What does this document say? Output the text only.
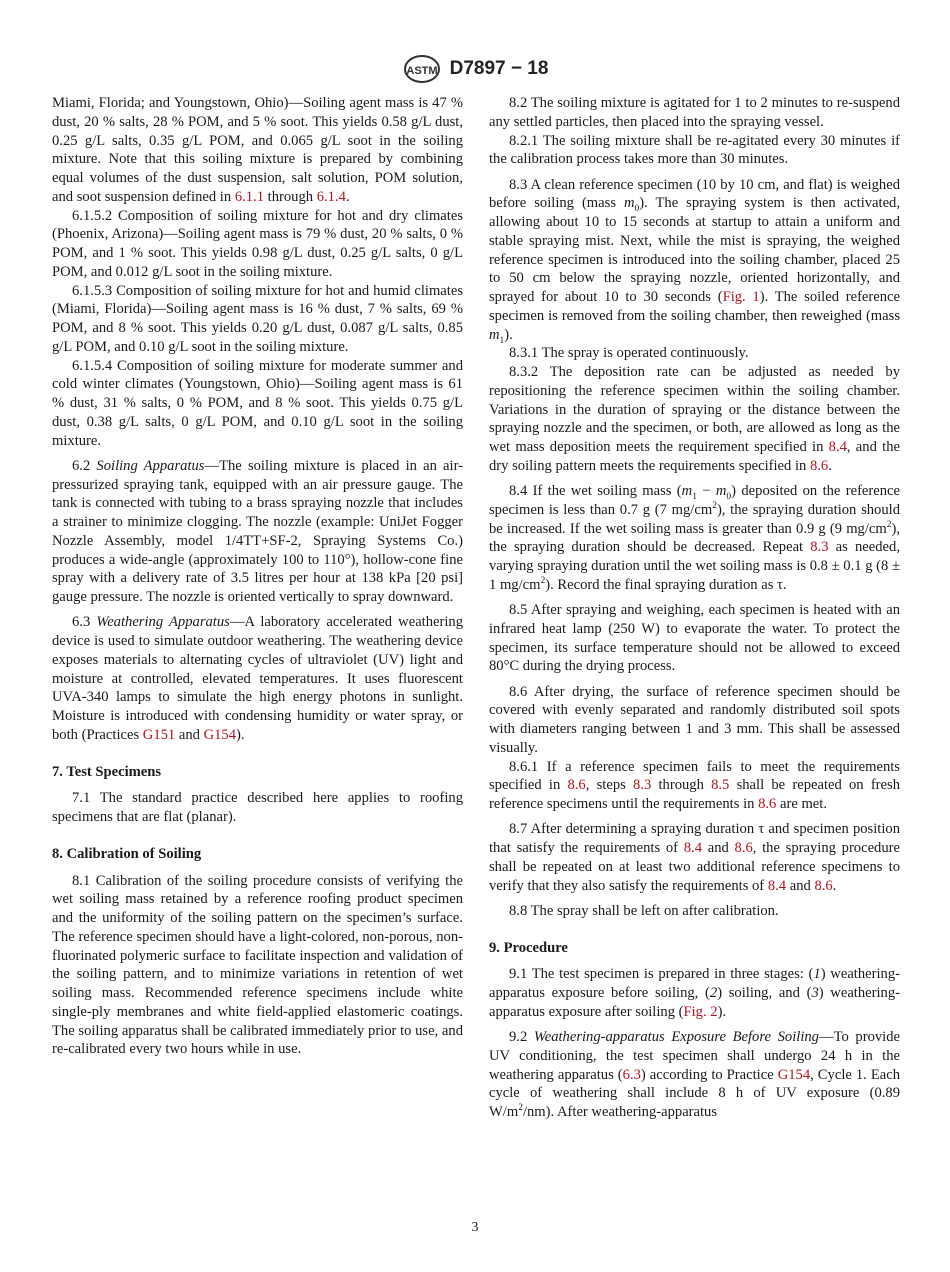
ASTM D7897 − 18

Miami, Florida; and Youngstown, Ohio)—Soiling agent mass is 47 % dust, 20 % salts, 28 % POM, and 5 % soot. This yields 0.58 g/L dust, 0.25 g/L salts, 0.35 g/L POM, and 0.065 g/L soot in the soiling mixture. Note that this soiling mixture is prepared by combining equal volumes of the dust suspension, salt solution, POM solution, and soot suspension defined in 6.1.1 through 6.1.4.

6.1.5.2 Composition of soiling mixture for hot and dry climates (Phoenix, Arizona)—Soiling agent mass is 79 % dust, 20 % salts, 0 % POM, and 1 % soot. This yields 0.98 g/L dust, 0.25 g/L salts, 0 g/L POM, and 0.012 g/L soot in the soiling mixture.

6.1.5.3 Composition of soiling mixture for hot and humid climates (Miami, Florida)—Soiling agent mass is 16 % dust, 7 % salts, 69 % POM, and 8 % soot. This yields 0.20 g/L dust, 0.087 g/L salts, 0.85 g/L POM, and 0.10 g/L soot in the soiling mixture.

6.1.5.4 Composition of soiling mixture for moderate summer and cold winter climates (Youngstown, Ohio)—Soiling agent mass is 61 % dust, 31 % salts, 0 % POM, and 8 % soot. This yields 0.75 g/L dust, 0.38 g/L salts, 0 g/L POM, and 0.10 g/L soot in the soiling mixture.

6.2 Soiling Apparatus—The soiling mixture is placed in an air-pressurized spraying tank, equipped with an air pressure gauge. The tank is connected with tubing to a brass spraying nozzle that includes a strainer to minimize clogging. The nozzle (example: UniJet Fogger Nozzle Assembly, model 1/4TT+SF-2, Spraying Systems Co.) produces a wide-angle (approximately 100 to 110°), hollow-cone fine spray with a delivery rate of 3.5 litres per hour at 138 kPa [20 psi] gauge pressure. The nozzle is oriented vertically to spray downward.

6.3 Weathering Apparatus—A laboratory accelerated weathering device is used to simulate outdoor weathering. The weathering device exposes materials to alternating cycles of ultraviolet (UV) light and moisture at controlled, elevated temperatures. It uses fluorescent UVA-340 lamps to simulate the high energy photons in sunlight. Moisture is introduced with condensing humidity or water spray, or both (Practices G151 and G154).

7. Test Specimens

7.1 The standard practice described here applies to roofing specimens that are flat (planar).

8. Calibration of Soiling

8.1 Calibration of the soiling procedure consists of verifying the wet soiling mass retained by a reference roofing product specimen and the uniformity of the soiling pattern on the specimen’s surface. The reference specimen should have a light-colored, non-porous, non-fluorinated polymeric surface to facilitate inspection and validation of the soiling pattern, and to minimize variations in retention of wet soiling mass. Recommended reference specimens include white single-ply membranes and white field-applied elastomeric coatings. The soiling apparatus shall be calibrated immediately prior to use, and re-calibrated every two hours while in use.

8.2 The soiling mixture is agitated for 1 to 2 minutes to re-suspend any settled particles, then placed into the spraying vessel.

8.2.1 The soiling mixture shall be re-agitated every 30 minutes if the calibration process takes more than 30 minutes.

8.3 A clean reference specimen (10 by 10 cm, and flat) is weighed before soiling (mass $m_0$). The spraying system is then activated, allowing about 10 to 15 seconds at startup to attain a uniform and stable spraying mist. Next, while the mist is spraying, the weighed reference specimen is introduced into the soiling chamber, placed 25 to 50 cm below the spraying nozzle, oriented horizontally, and sprayed for about 10 to 30 seconds (Fig. 1). The soiled reference specimen is removed from the soiling chamber, then reweighed (mass $m_1$).

8.3.1 The spray is operated continuously.

8.3.2 The deposition rate can be adjusted as needed by repositioning the reference specimen within the soiling chamber. Variations in the duration of spraying or the distance between the spraying nozzle and the specimen, or both, are allowed as long as the wet mass deposition meets the requirement specified in 8.4, and the dry soiling pattern meets the requirements specified in 8.6.

8.4 If the wet soiling mass $(m_1 - m_0)$ deposited on the reference specimen is less than 0.7 g (7 $mg/cm^2$), the spraying duration should be increased. If the wet soiling mass is greater than 0.9 g (9 $mg/cm^2$), the spraying duration should be decreased. Repeat 8.3 as needed, varying spraying duration until the wet soiling mass is 0.8 ± 0.1 g (8 ± 1 $mg/cm^2$). Record the final spraying duration as τ.

8.5 After spraying and weighing, each specimen is heated with an infrared heat lamp (250 W) to evaporate the water. To protect the specimen, its surface temperature should not be allowed to exceed 80°C during the drying process.

8.6 After drying, the surface of reference specimen should be covered with evenly separated and randomly distributed soil spots with diameters ranging between 1 and 3 mm. This shall be assessed visually.

8.6.1 If a reference specimen fails to meet the requirements specified in 8.6, steps 8.3 through 8.5 shall be repeated on fresh reference specimens until the requirements in 8.6 are met.

8.7 After determining a spraying duration τ and specimen position that satisfy the requirements of 8.4 and 8.6, the spraying procedure shall be repeated on at least two additional reference specimens to verify that they also satisfy the requirements of 8.4 and 8.6.

8.8 The spray shall be left on after calibration.

9. Procedure

9.1 The test specimen is prepared in three stages: (1) weathering-apparatus exposure before soiling, (2) soiling, and (3) weathering-apparatus exposure after soiling (Fig. 2).

9.2 Weathering-apparatus Exposure Before Soiling—To provide UV conditioning, the test specimen shall undergo 24 h in the weathering apparatus (6.3) according to Practice G154, Cycle 1. Each cycle of weathering shall include 8 h of UV exposure (0.89 $W/m^2/nm$). After weathering-apparatus

3
